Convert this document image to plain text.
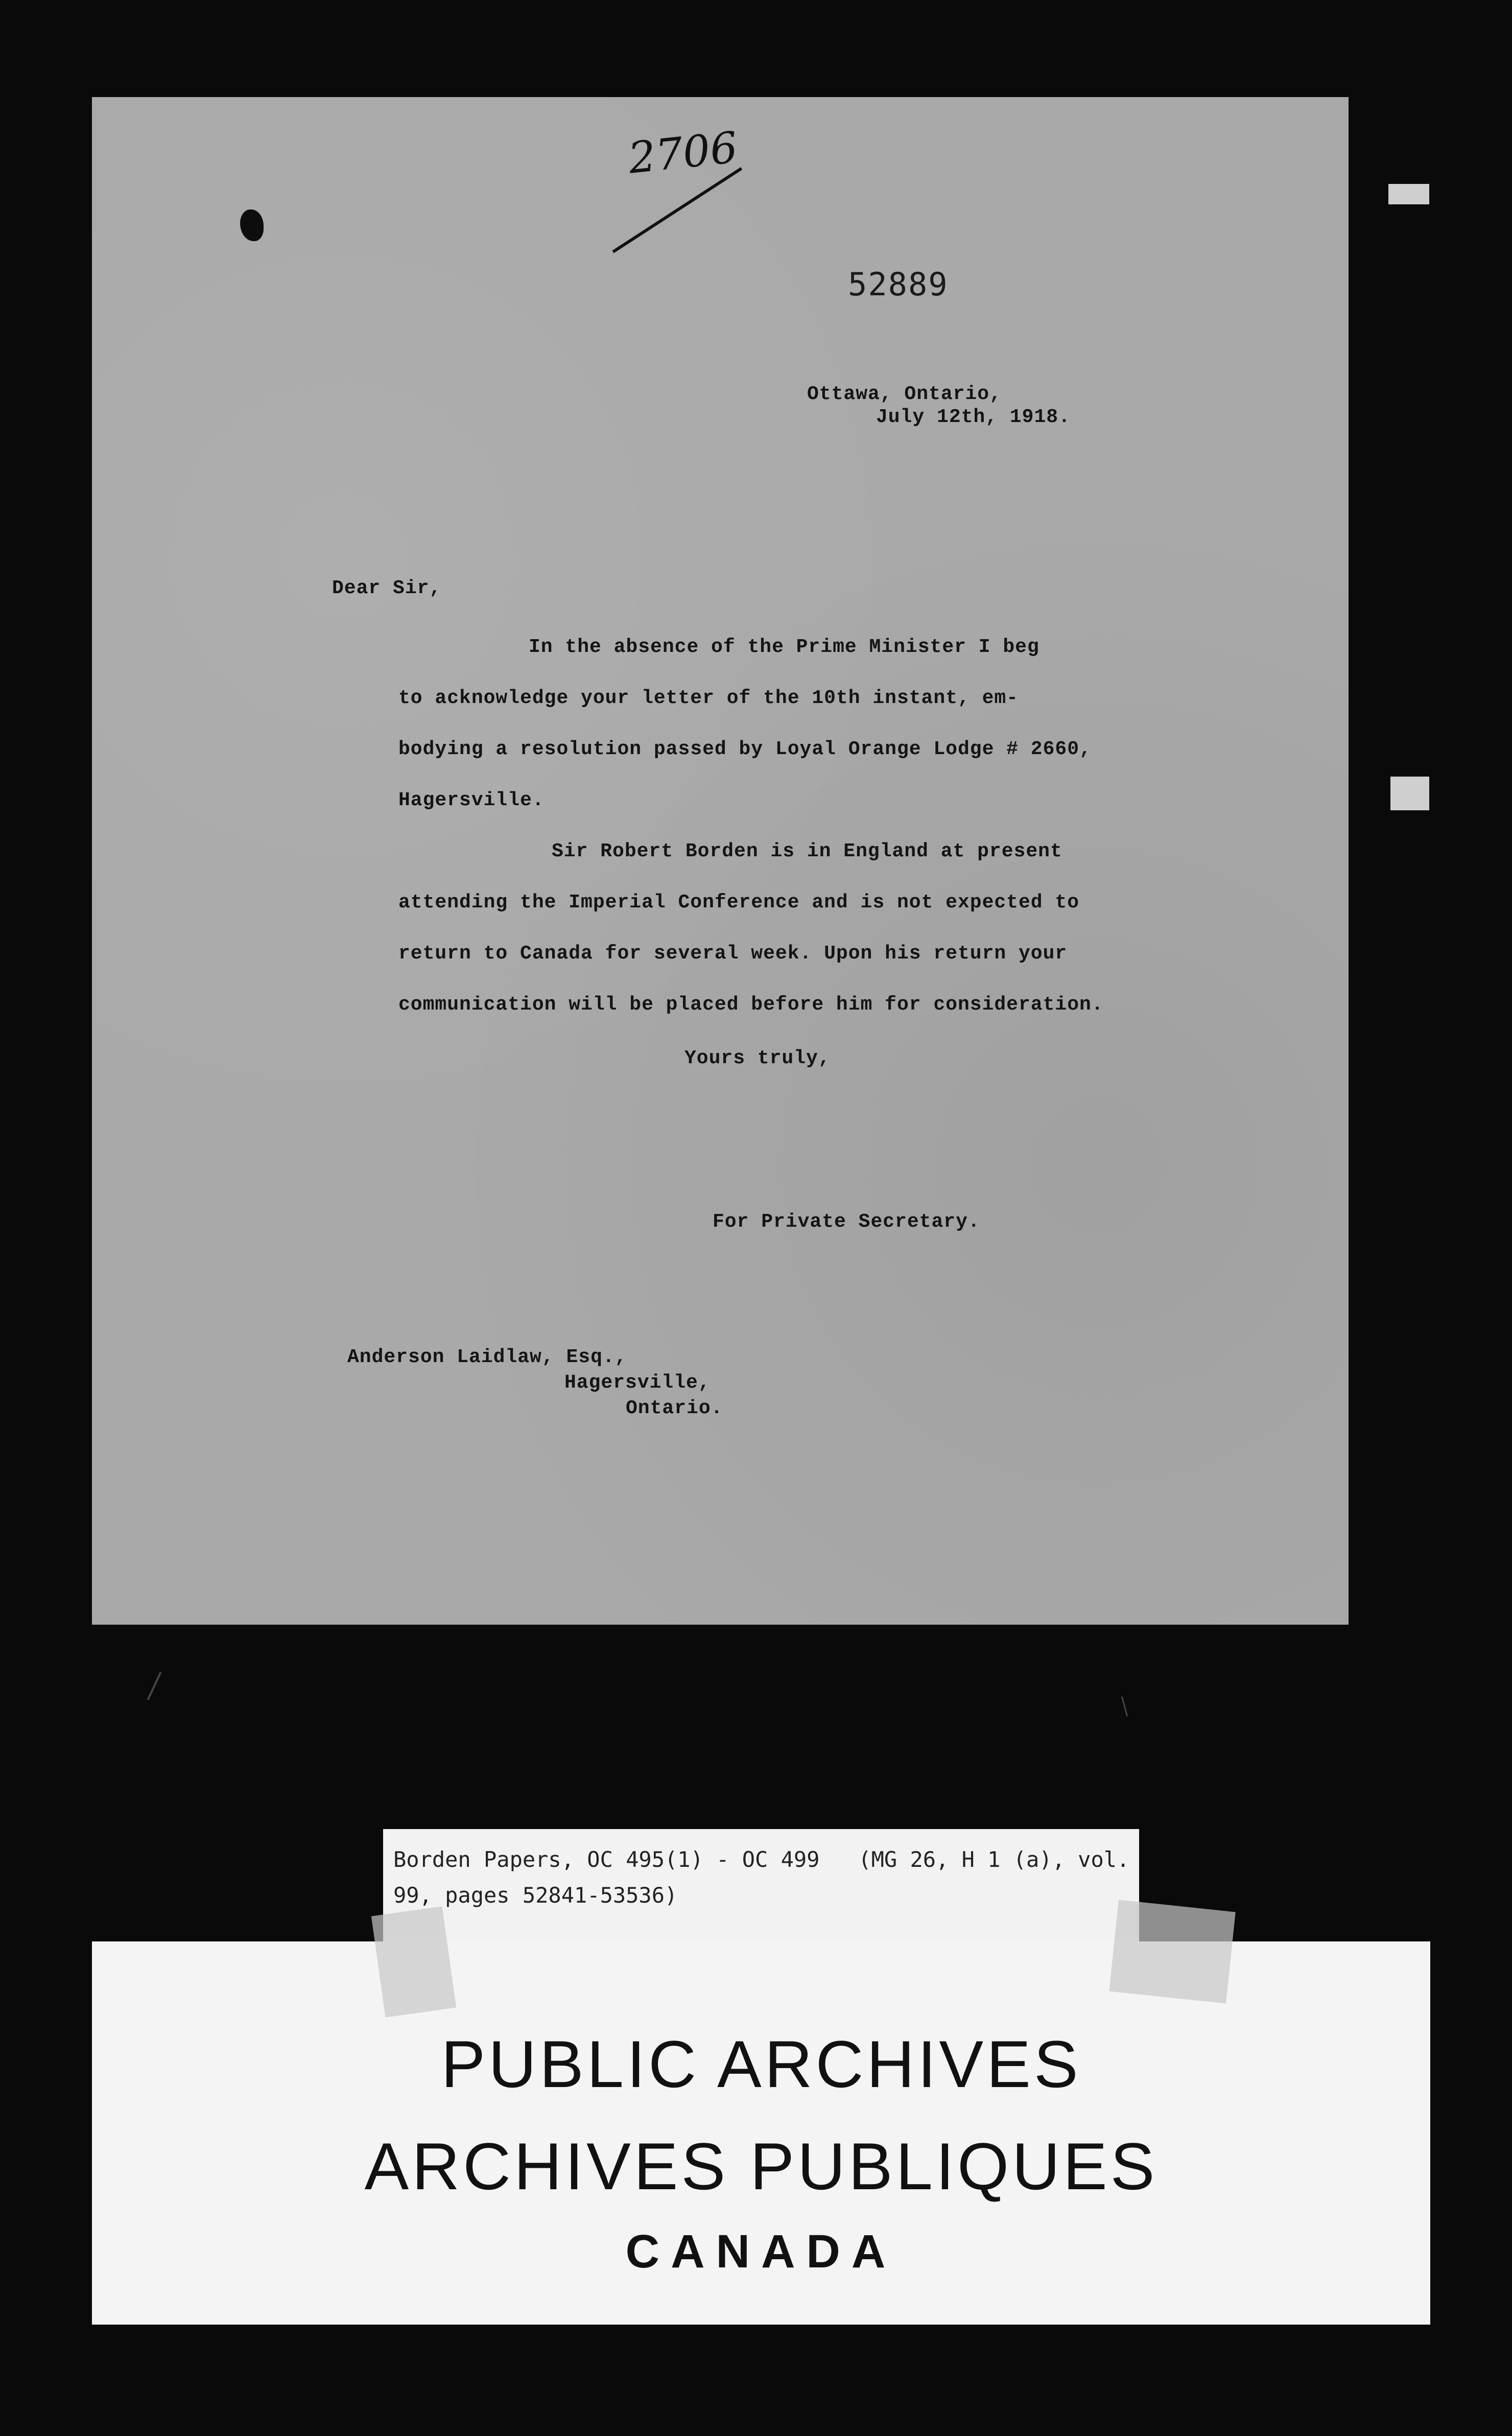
2706
52889
Ottawa, Ontario,
July 12th, 1918.
Dear Sir,
In the absence of the Prime Minister I beg
to acknowledge your letter of the 10th instant, em-
bodying a resolution passed by Loyal Orange Lodge # 2660,
Hagersville.
Sir Robert Borden is in England at present
attending the Imperial Conference and is not expected to
return to Canada for several week. Upon his return your
communication will be placed before him for consideration.
Yours truly,
For Private Secretary.
Anderson Laidlaw, Esq.,
Hagersville,
Ontario.
Borden Papers, OC 495(1) - OC 499   (MG 26, H 1 (a), vol.
99, pages 52841-53536)
PUBLIC ARCHIVES
ARCHIVES PUBLIQUES
CANADA
